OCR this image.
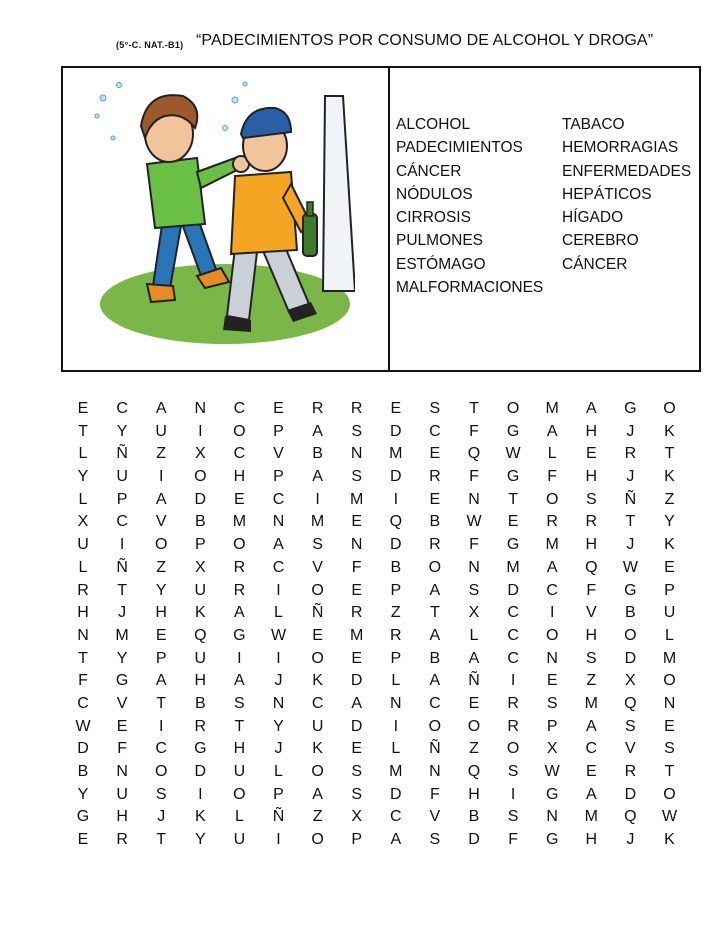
(5°-C. NAT.-B1) “PADECIMIENTOS POR CONSUMO DE ALCOHOL Y DROGA”
ALCOHOL	TABACO
PADECIMIENTOS	HEMORRAGIAS
CÁNCER	ENFERMEDADES
NÓDULOS	HEPÁTICOS
CIRROSIS	HÍGADO
PULMONES	CEREBRO
ESTÓMAGO	CÁNCER
MALFORMACIONES
E	C	A	N	C	E	R	R	E	S	T	O	M	A	G	O
T	Y	U	I	O	P	A	S	D	C	F	G	A	H	J	K
L	Ñ	Z	X	C	V	B	N	M	E	Q	W	L	E	R	T
Y	U	I	O	H	P	A	S	D	R	F	G	F	H	J	K
L	P	A	D	E	C	I	M	I	E	N	T	O	S	Ñ	Z
X	C	V	B	M	N	M	E	Q	B	W	E	R	R	T	Y
U	I	O	P	O	A	S	N	D	R	F	G	M	H	J	K
L	Ñ	Z	X	R	C	V	F	B	O	N	M	A	Q	W	E
R	T	Y	U	R	I	O	E	P	A	S	D	C	F	G	P
H	J	H	K	A	L	Ñ	R	Z	T	X	C	I	V	B	U
N	M	E	Q	G	W	E	M	R	A	L	C	O	H	O	L
T	Y	P	U	I	I	O	E	P	B	A	C	N	S	D	M
F	G	A	H	A	J	K	D	L	A	Ñ	I	E	Z	X	O
C	V	T	B	S	N	C	A	N	C	E	R	S	M	Q	N
W	E	I	R	T	Y	U	D	I	O	O	R	P	A	S	E
D	F	C	G	H	J	K	E	L	Ñ	Z	O	X	C	V	S
B	N	O	D	U	L	O	S	M	N	Q	S	W	E	R	T
Y	U	S	I	O	P	A	S	D	F	H	I	G	A	D	O
G	H	J	K	L	Ñ	Z	X	C	V	B	S	N	M	Q	W
E	R	T	Y	U	I	O	P	A	S	D	F	G	H	J	K
